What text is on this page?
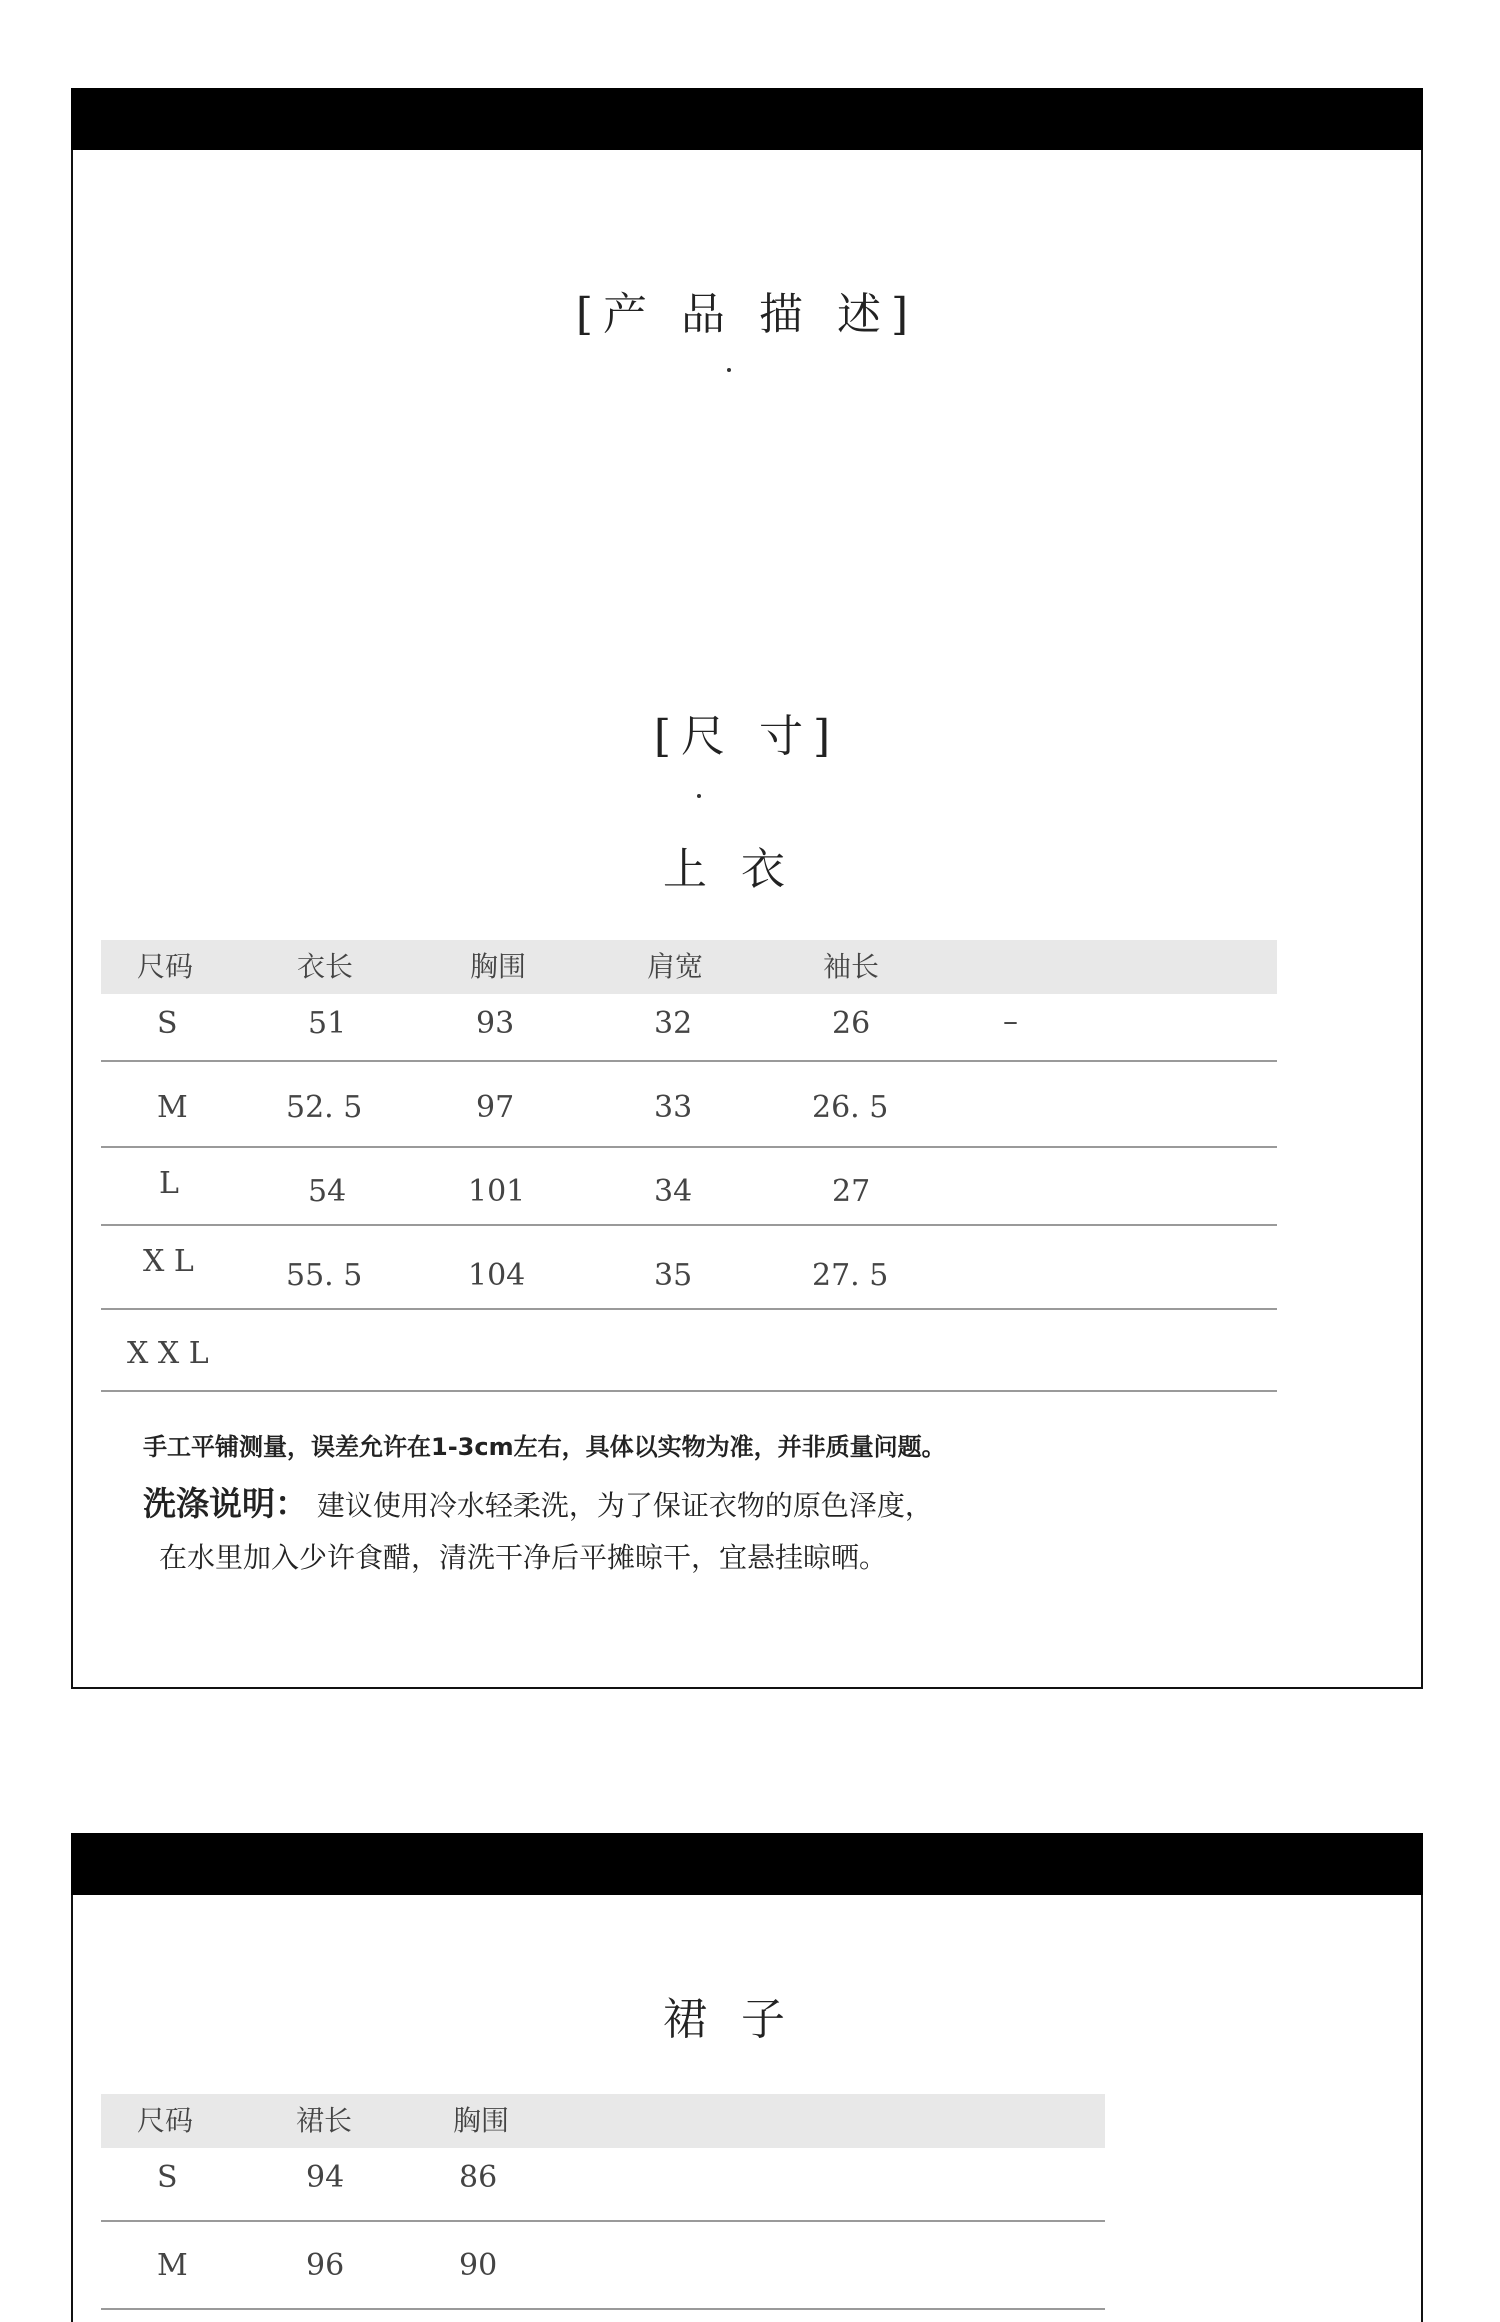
[产 品 描 述]
[尺 寸]
上 衣
尺码	衣长	胸围	肩宽	袖长
S	51	93	32	26	–
M	52. 5	97	33	26. 5
L	54	101	34	27
X L	55. 5	104	35	27. 5
X X L
手工平铺测量，误差允许在1-3cm左右，具体以实物为准，并非质量问题。
洗涤说明： 建议使用冷水轻柔洗，为了保证衣物的原色泽度，
在水里加入少许食醋，清洗干净后平摊晾干，宜悬挂晾晒。
裙 子
尺码	裙长	胸围
S	94	86
M	96	90
